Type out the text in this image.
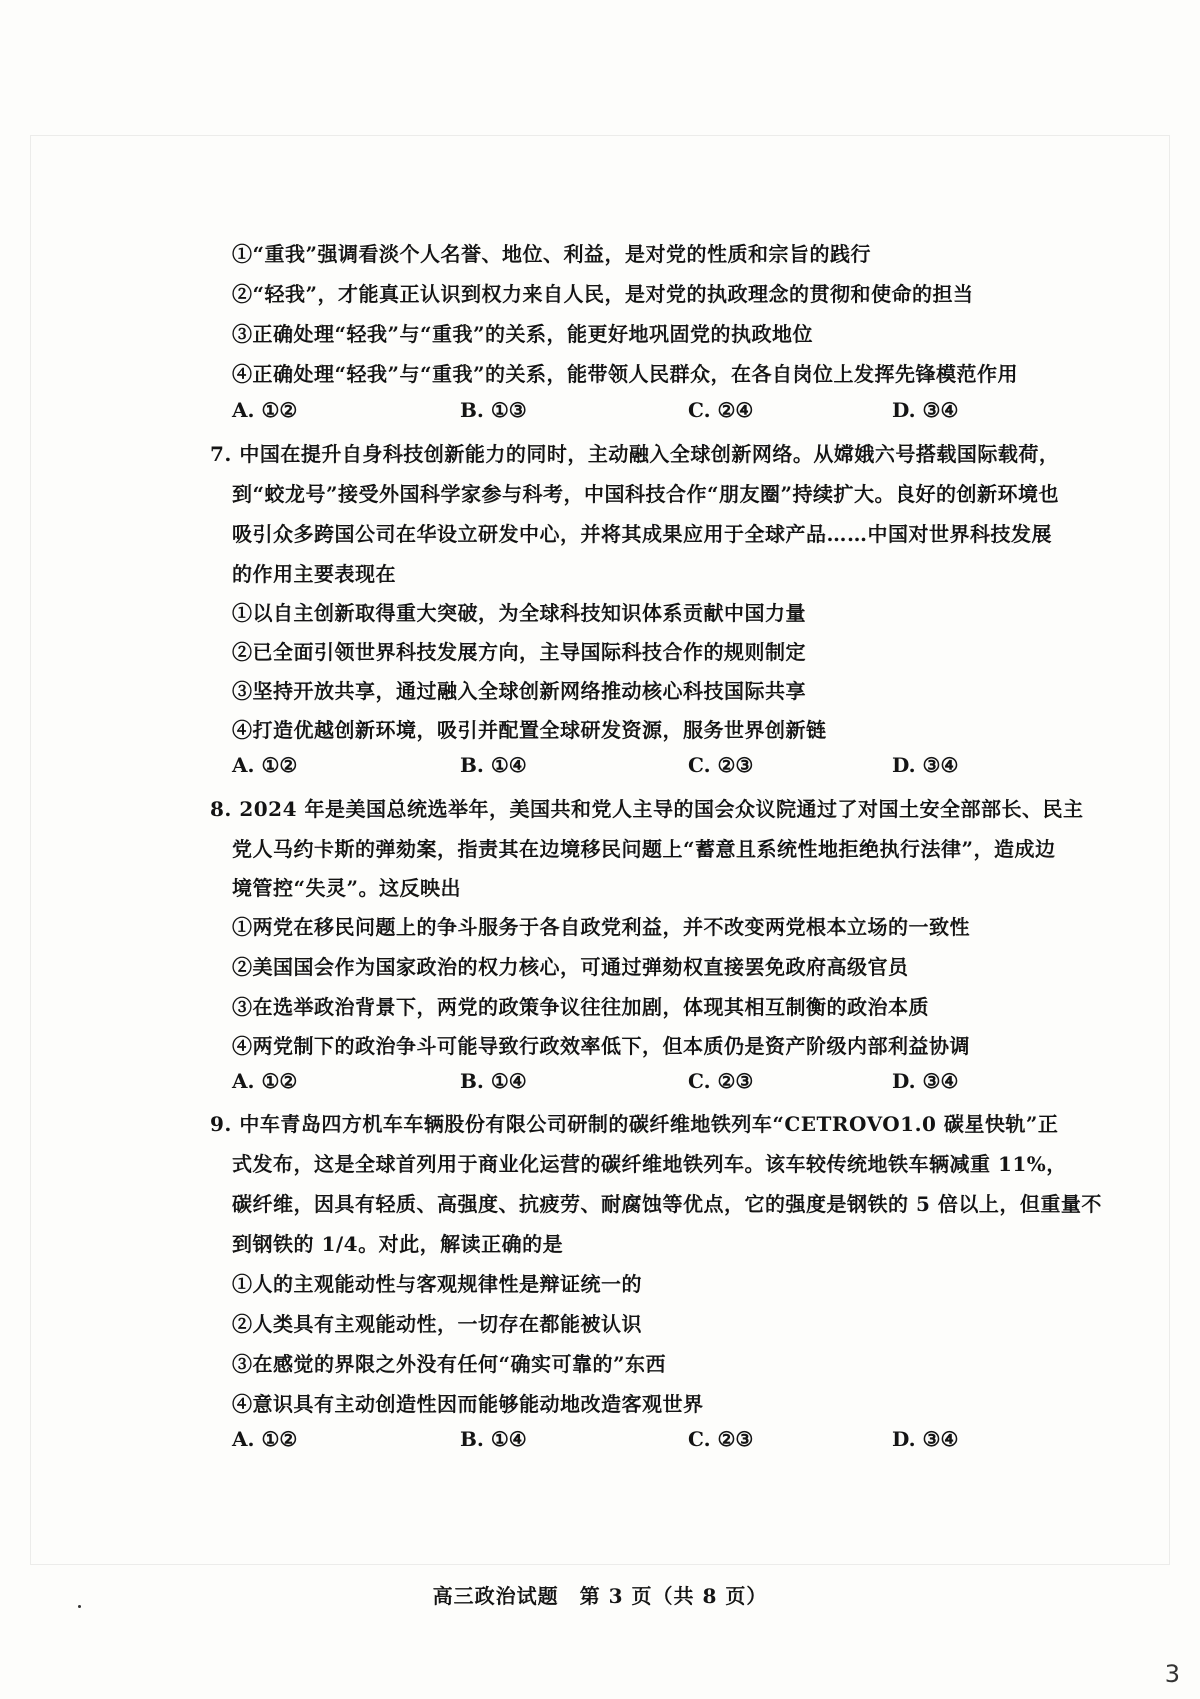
①“重我”强调看淡个人名誉、地位、利益，是对党的性质和宗旨的践行
②“轻我”，才能真正认识到权力来自人民，是对党的执政理念的贯彻和使命的担当
③正确处理“轻我”与“重我”的关系，能更好地巩固党的执政地位
④正确处理“轻我”与“重我”的关系，能带领人民群众，在各自岗位上发挥先锋模范作用
A. ①②	B. ①③	C. ②④	D. ③④
7. 中国在提升自身科技创新能力的同时，主动融入全球创新网络。从嫦娥六号搭载国际载荷，
到“蛟龙号”接受外国科学家参与科考，中国科技合作“朋友圈”持续扩大。良好的创新环境也
吸引众多跨国公司在华设立研发中心，并将其成果应用于全球产品……中国对世界科技发展
的作用主要表现在
①以自主创新取得重大突破，为全球科技知识体系贡献中国力量
②已全面引领世界科技发展方向，主导国际科技合作的规则制定
③坚持开放共享，通过融入全球创新网络推动核心科技国际共享
④打造优越创新环境，吸引并配置全球研发资源，服务世界创新链
A. ①②	B. ①④	C. ②③	D. ③④
8. 2024 年是美国总统选举年，美国共和党人主导的国会众议院通过了对国土安全部部长、民主
党人马约卡斯的弹劾案，指责其在边境移民问题上“蓄意且系统性地拒绝执行法律”，造成边
境管控“失灵”。这反映出
①两党在移民问题上的争斗服务于各自政党利益，并不改变两党根本立场的一致性
②美国国会作为国家政治的权力核心，可通过弹劾权直接罢免政府高级官员
③在选举政治背景下，两党的政策争议往往加剧，体现其相互制衡的政治本质
④两党制下的政治争斗可能导致行政效率低下，但本质仍是资产阶级内部利益协调
A. ①②	B. ①④	C. ②③	D. ③④
9. 中车青岛四方机车车辆股份有限公司研制的碳纤维地铁列车“CETROVO1.0 碳星快轨”正
式发布，这是全球首列用于商业化运营的碳纤维地铁列车。该车较传统地铁车辆减重 11%，
碳纤维，因具有轻质、高强度、抗疲劳、耐腐蚀等优点，它的强度是钢铁的 5 倍以上，但重量不
到钢铁的 1/4。对此，解读正确的是
①人的主观能动性与客观规律性是辩证统一的
②人类具有主观能动性，一切存在都能被认识
③在感觉的界限之外没有任何“确实可靠的”东西
④意识具有主动创造性因而能够能动地改造客观世界
A. ①②	B. ①④	C. ②③	D. ③④
高三政治试题　第 3 页（共 8 页）
3
